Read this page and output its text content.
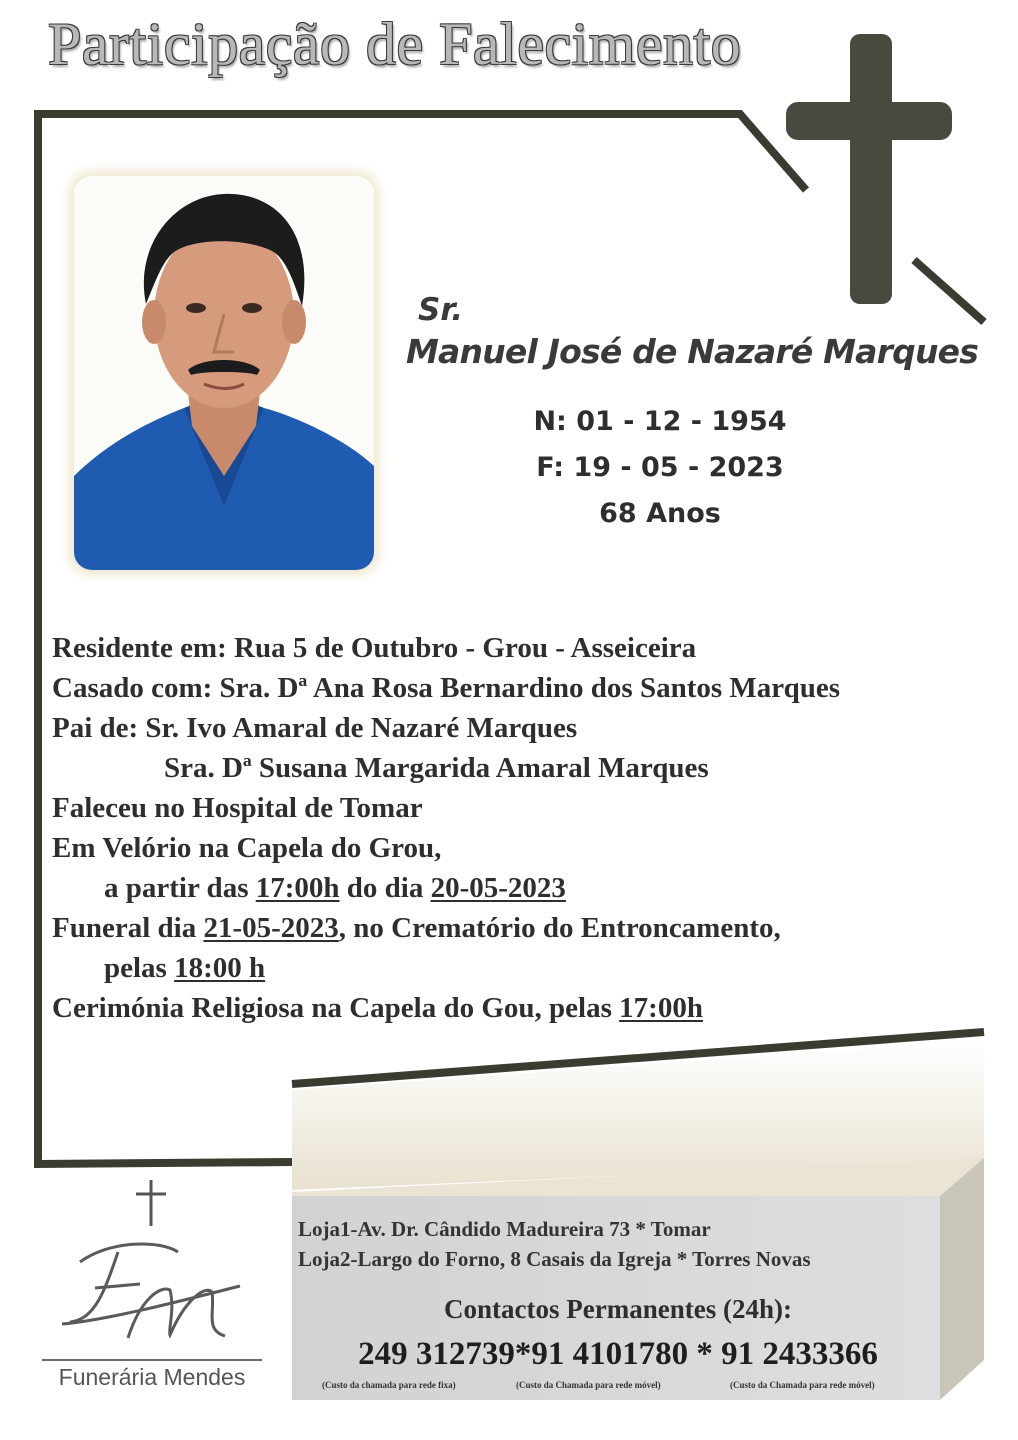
Participação de Falecimento
Sr.
Manuel José de Nazaré Marques
N: 01 - 12 - 1954
F: 19 - 05 - 2023
68 Anos
Residente em: Rua 5 de Outubro - Grou - Asseiceira
Casado com: Sra. Dª Ana Rosa Bernardino dos Santos Marques
Pai de: Sr. Ivo Amaral de Nazaré Marques
Sra. Dª Susana Margarida Amaral Marques
Faleceu no Hospital de Tomar
Em Velório na Capela do Grou,
a partir das 17:00h do dia 20-05-2023
Funeral dia 21-05-2023, no Crematório do Entroncamento,
pelas 18:00 h
Cerimónia Religiosa na Capela do Gou, pelas 17:00h
Loja1-Av. Dr. Cândido Madureira 73 * Tomar
Loja2-Largo do Forno, 8 Casais da Igreja * Torres Novas
Contactos Permanentes (24h):
249 312739*91 4101780 * 91 2433366
(Custo da chamada para rede fixa)	(Custo da Chamada para rede móvel)	(Custo da Chamada para rede móvel)
Funerária Mendes
